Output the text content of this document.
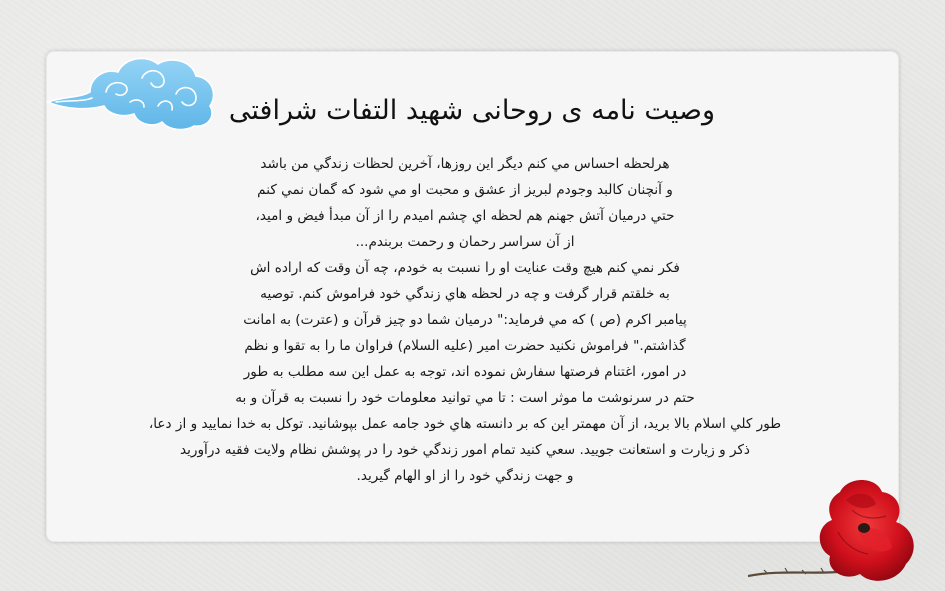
وصیت نامه ی روحانی شهید التفات شرافتی
هرلحظه احساس مي كنم ديگر اين روزها، آخرين لحظات زندگي من باشد
و آنچنان كالبد وجودم لبريز از عشق و محبت او مي شود كه گمان نمي كنم
حتي درميان آتش جهنم هم لحظه اي چشم اميدم را از آن مبدأ فيض و اميد،
از آن سراسر رحمان و رحمت بربندم...
فكر نمي كنم هيچ وقت عنايت او را نسبت به خودم، چه آن وقت كه اراده اش
به خلقتم قرار گرفت و چه در لحظه هاي زندگي خود فراموش كنم. توصيه
پيامبر اكرم (ص ) كه مي فرمايد:" درميان شما دو چيز قرآن و (عترت) به امانت
گذاشتم." فراموش نكنيد حضرت امير (عليه السلام) فراوان ما را به تقوا و نظم
در امور، اغتنام فرصتها سفارش نموده اند، توجه به عمل اين سه مطلب به طور
حتم در سرنوشت ما موثر است : تا مي توانيد معلومات خود را نسبت به قرآن و به
طور كلي اسلام بالا بريد، از آن مهمتر اين كه بر دانسته هاي خود جامه عمل بپوشانيد. توكل به خدا نماييد و از دعا،
ذكر و زيارت و استعانت جوييد. سعي كنيد تمام امور زندگي خود را در پوشش نظام ولايت فقيه درآوريد
و جهت زندگي خود را از او الهام گيريد.
